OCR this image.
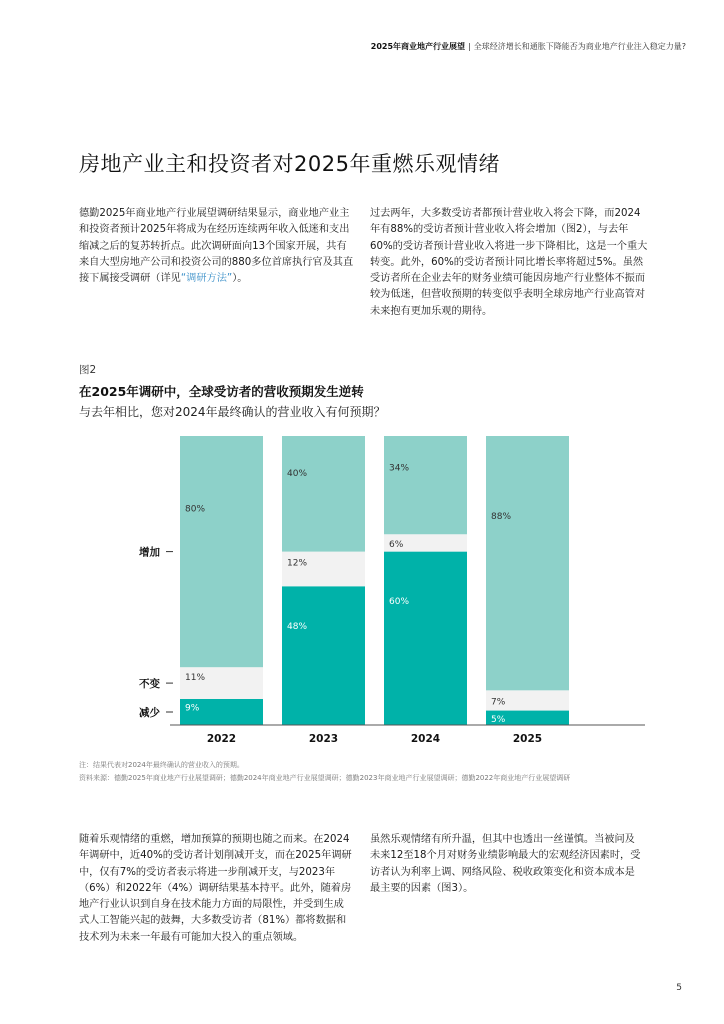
2025年商业地产行业展望 | 全球经济增长和通胀下降能否为商业地产行业注入稳定力量?
房地产业主和投资者对2025年重燃乐观情绪

德勤2025年商业地产行业展望调研结果显示，商业地产业主和投资者预计2025年将成为在经历连续两年收入低迷和支出缩减之后的复苏转折点。此次调研面向13个国家开展，共有来自大型房地产公司和投资公司的880多位首席执行官及其直接下属接受调研（详见“调研方法”）。

过去两年，大多数受访者都预计营业收入将会下降，而2024年有88%的受访者预计营业收入将会增加（图2），与去年60%的受访者预计营业收入将进一步下降相比，这是一个重大转变。此外，60%的受访者预计同比增长率将超过5%。虽然受访者所在企业去年的财务业绩可能因房地产行业整体不振而较为低迷，但营收预期的转变似乎表明全球房地产行业高管对未来抱有更加乐观的期待。

图2
在2025年调研中，全球受访者的营收预期发生逆转
与去年相比，您对2024年最终确认的营业收入有何预期？
9%
11%
80%
2022
48%
12%
40%
2023
60%
6%
34%
2024
5%
7%
88%
2025
减少
不变
增加
注：结果代表对2024年最终确认的营业收入的预期。
资料来源：德勤2025年商业地产行业展望调研；德勤2024年商业地产行业展望调研；德勤2023年商业地产行业展望调研；德勤2022年商业地产行业展望调研

随着乐观情绪的重燃，增加预算的预期也随之而来。在2024年调研中，近40%的受访者计划削减开支，而在2025年调研中，仅有7%的受访者表示将进一步削减开支，与2023年（6%）和2022年（4%）调研结果基本持平。此外，随着房地产行业认识到自身在技术能力方面的局限性，并受到生成式人工智能兴起的鼓舞，大多数受访者（81%）都将数据和技术列为未来一年最有可能加大投入的重点领域。

虽然乐观情绪有所升温，但其中也透出一丝谨慎。当被问及未来12至18个月对财务业绩影响最大的宏观经济因素时，受访者认为利率上调、网络风险、税收政策变化和资本成本是最主要的因素（图3）。

5
